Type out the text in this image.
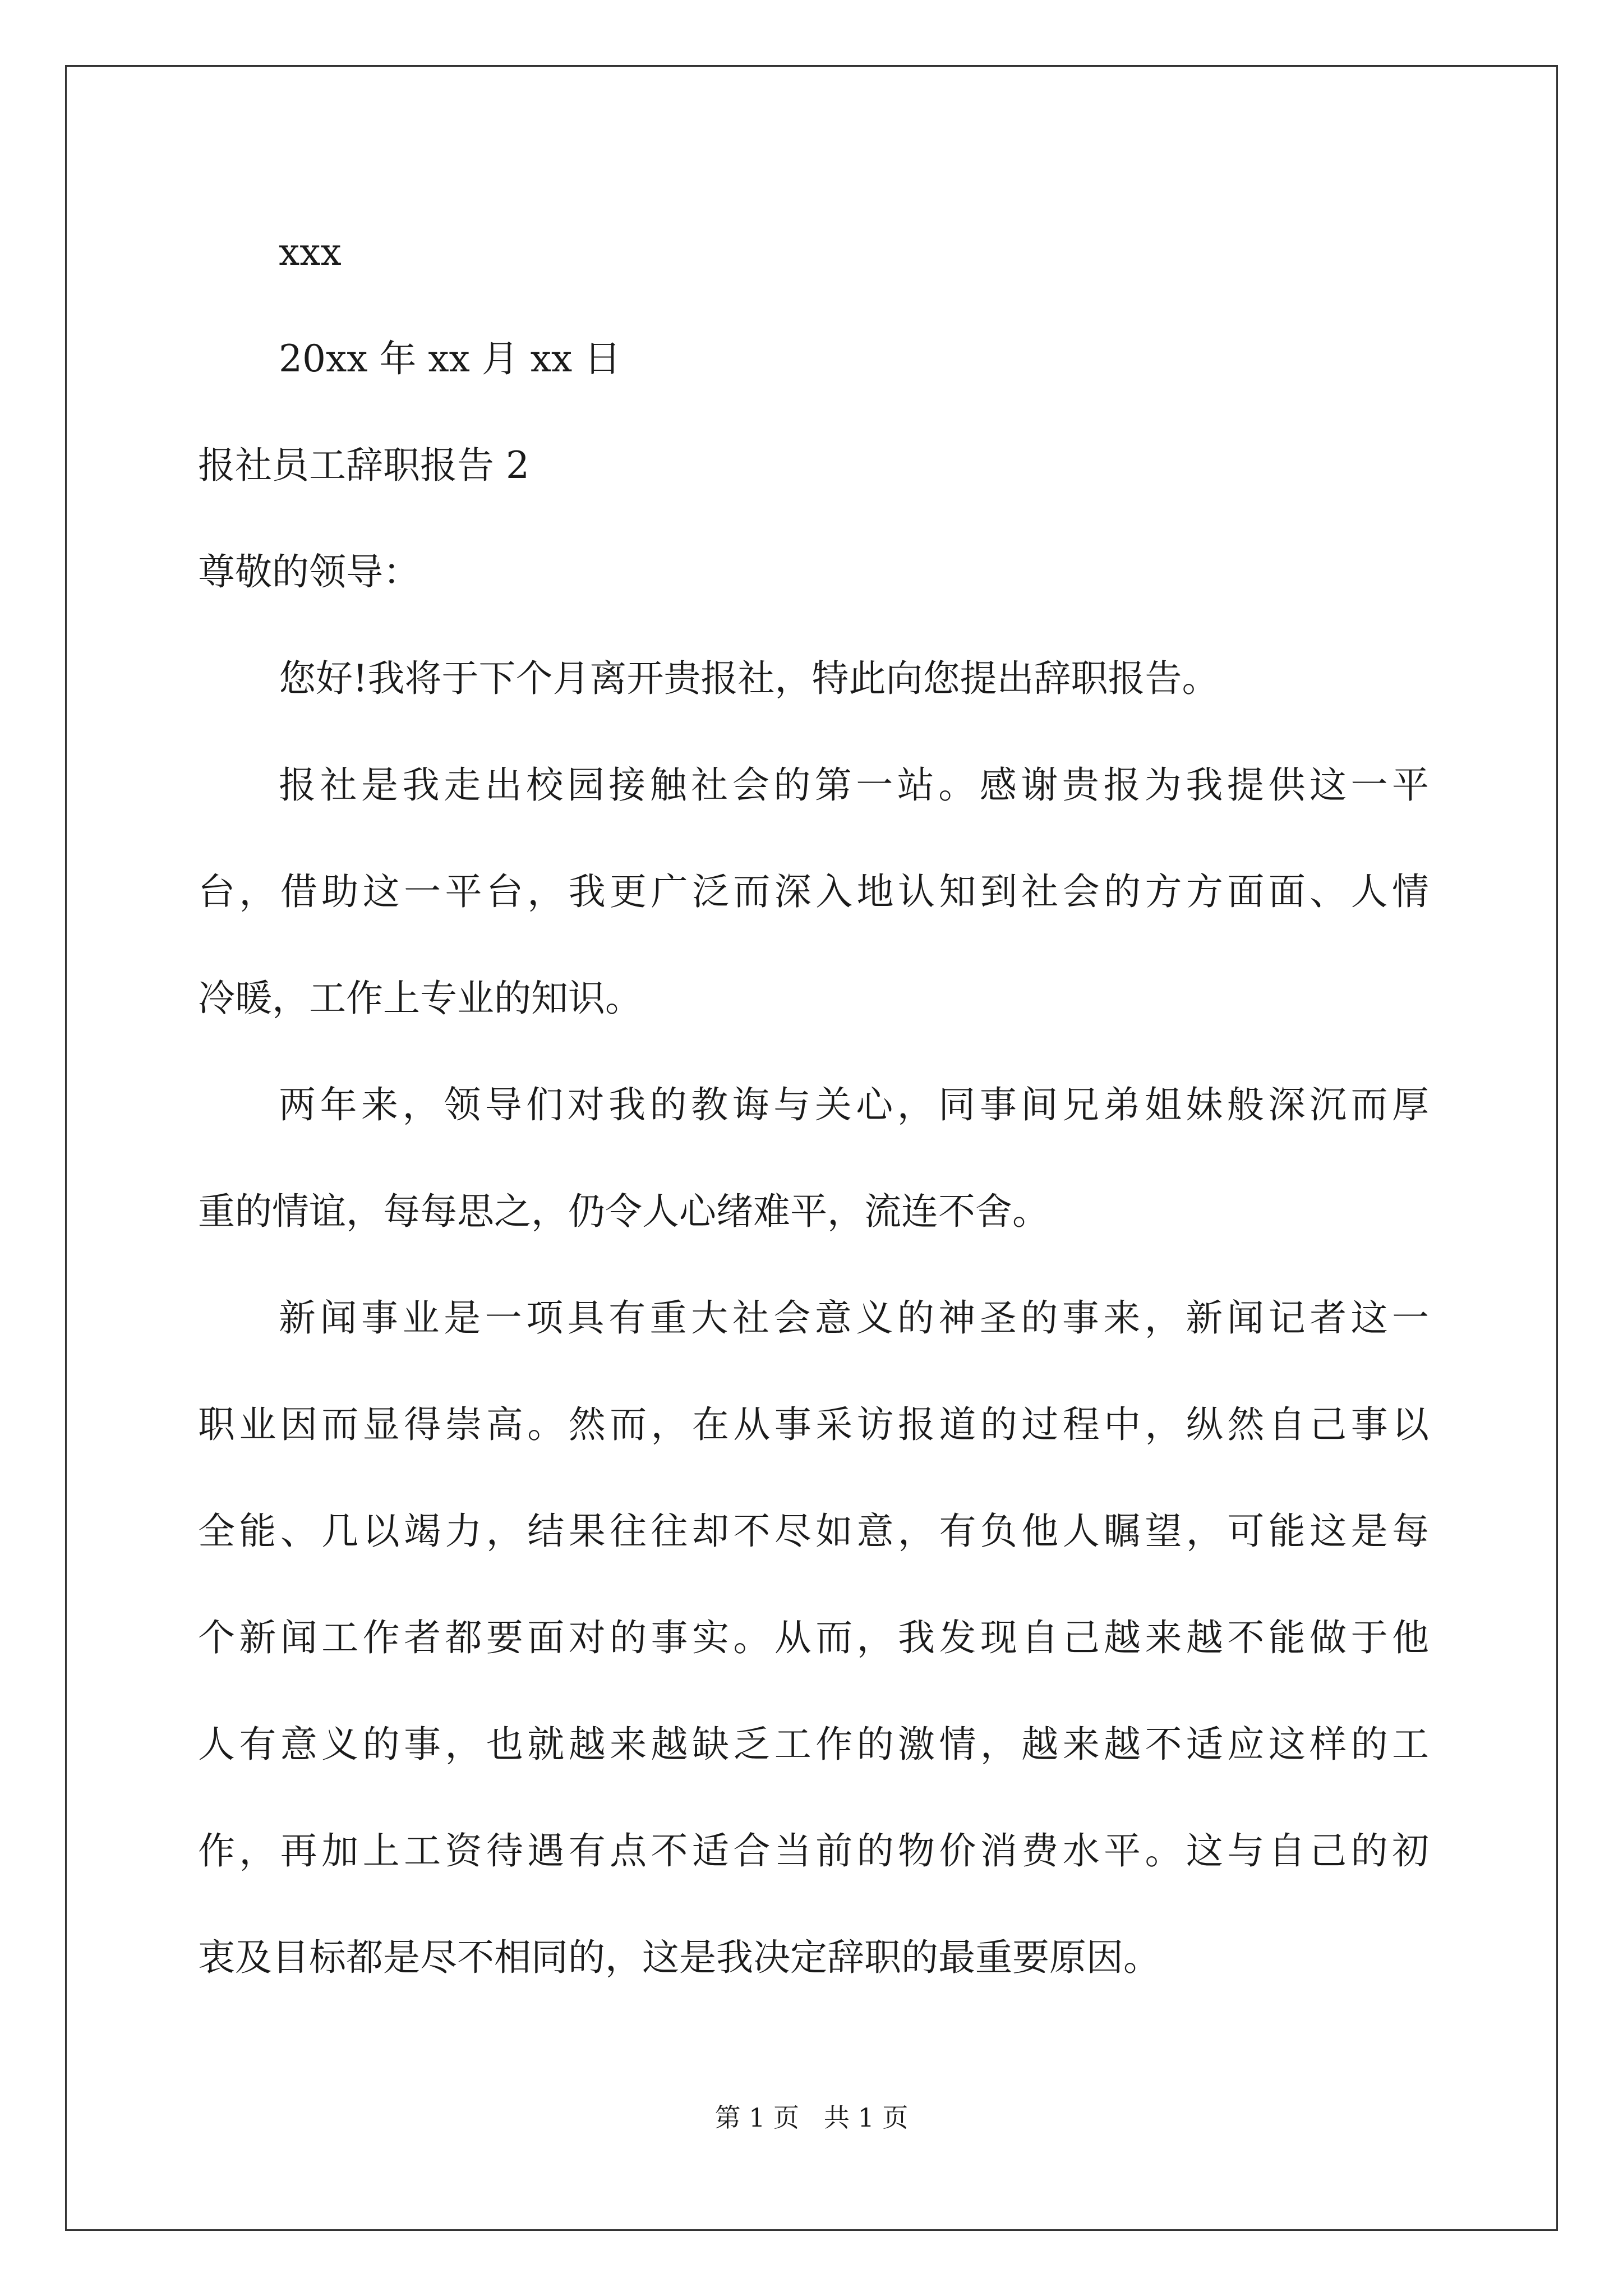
xxx
20xx 年 xx 月 xx 日
报社员工辞职报告 2
尊敬的领导：
您好!我将于下个月离开贵报社，特此向您提出辞职报告。
报社是我走出校园接触社会的第一站。感谢贵报为我提供这一平
台，借助这一平台，我更广泛而深入地认知到社会的方方面面、人情
冷暖，工作上专业的知识。
两年来，领导们对我的教诲与关心，同事间兄弟姐妹般深沉而厚
重的情谊，每每思之，仍令人心绪难平，流连不舍。
新闻事业是一项具有重大社会意义的神圣的事来，新闻记者这一
职业因而显得崇高。然而，在从事采访报道的过程中，纵然自己事以
全能、几以竭力，结果往往却不尽如意，有负他人瞩望，可能这是每
个新闻工作者都要面对的事实。从而，我发现自己越来越不能做于他
人有意义的事，也就越来越缺乏工作的激情，越来越不适应这样的工
作，再加上工资待遇有点不适合当前的物价消费水平。这与自己的初
衷及目标都是尽不相同的，这是我决定辞职的最重要原因。
第 1 页   共 1 页
